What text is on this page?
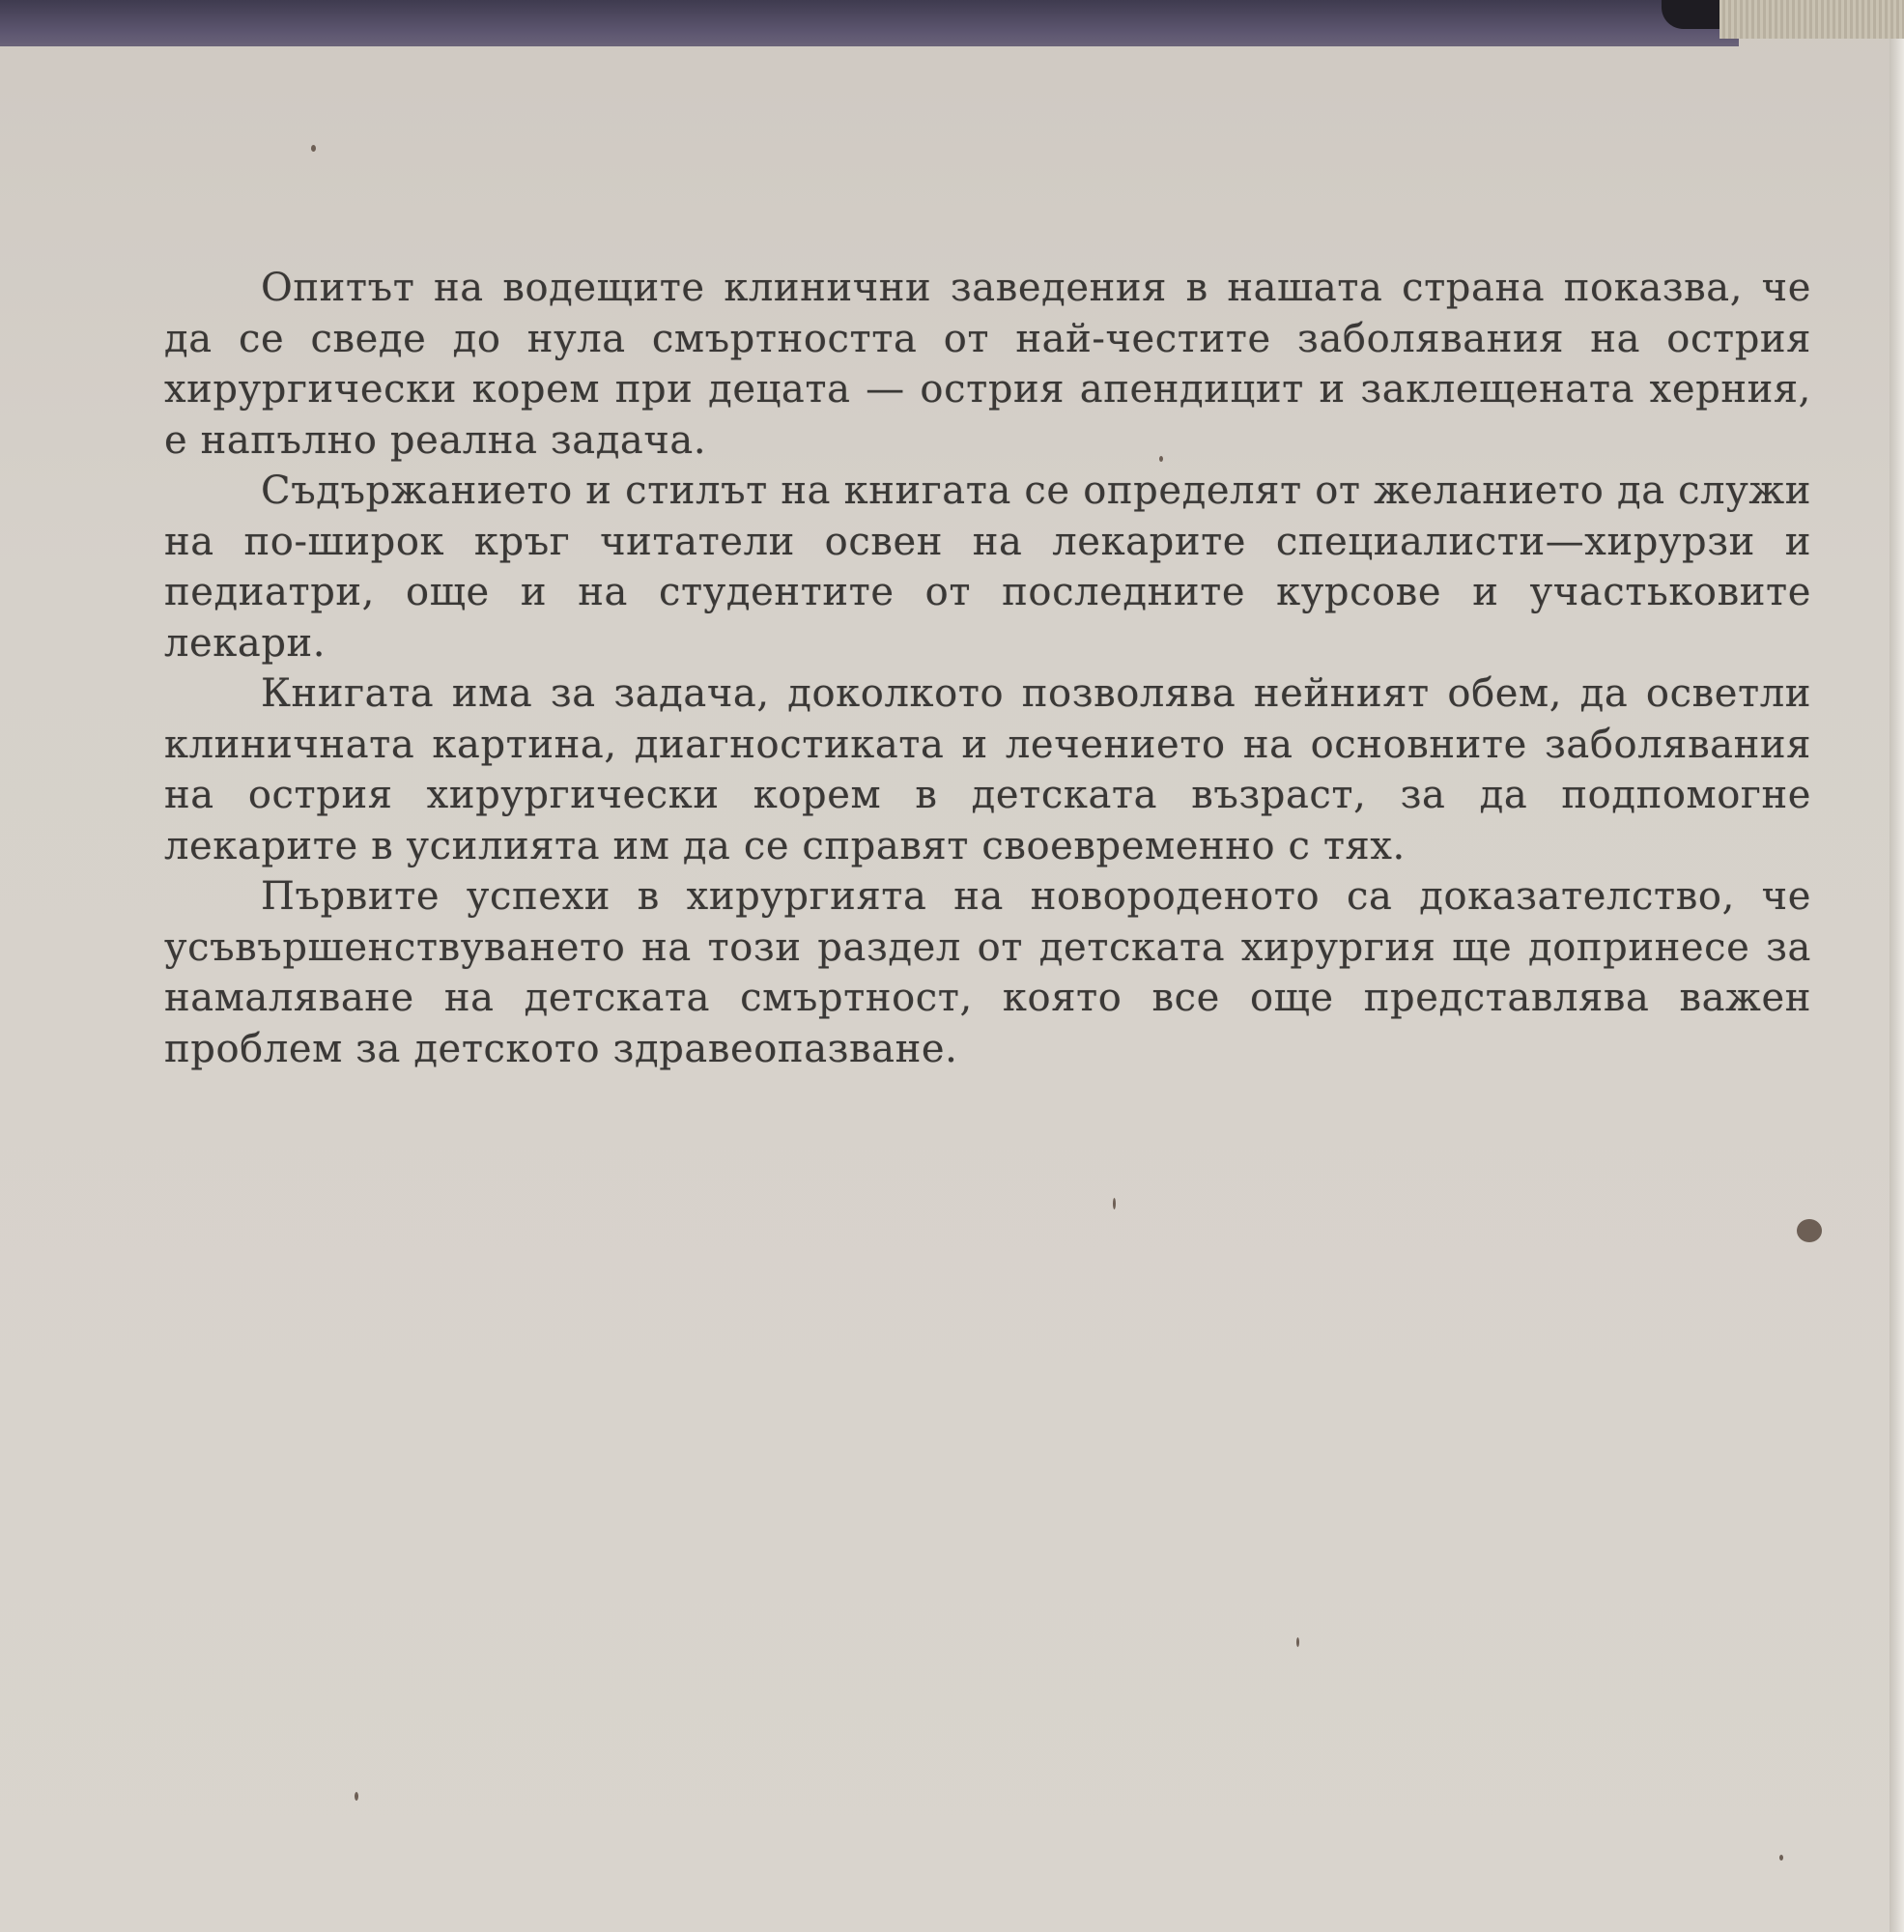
Опитът на водещите клинични заведения в нашата страна показва, че да се сведе до нула смъртността от най-честите заболявания на острия хирургически корем при децата — острия апендицит и заклещената херния, е напълно реална задача.

Съдържанието и стилът на книгата се определят от желанието да служи на по-широк кръг читатели освен на лекарите специалисти—хирурзи и педиатри, още и на студентите от последните курсове и участьковите лекари.

Книгата има за задача, доколкото позволява нейният обем, да осветли клиничната картина, диагностиката и лечението на основните заболявания на острия хирургически корем в детската възраст, за да подпомогне лекарите в усилията им да се справят своевременно с тях.

Първите успехи в хирургията на новороденото са доказателство, че усъвършенствуването на този раздел от детската хирургия ще допринесе за намаляване на детската смъртност, която все още представлява важен проблем за детското здравеопазване.
